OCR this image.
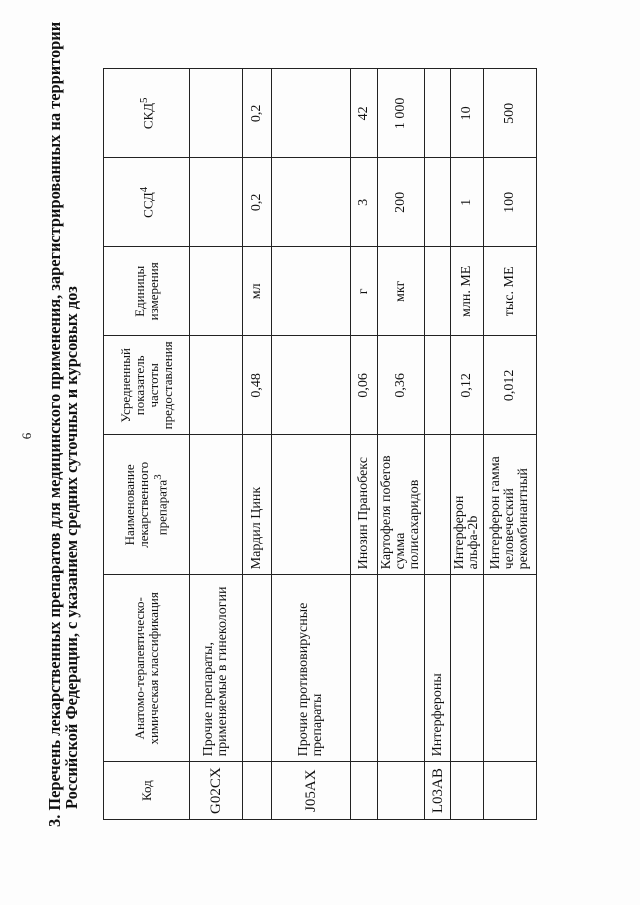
6 3. Перечень лекарственных препаратов для медицинского применения, зарегистрированных на территории
Российской Федерации, с указанием средних суточных и курсовых доз	Код	Анатомо-терапевтическо-химическая классификация	Наименование лекарственного препарата$^3$	Усредненный показатель частоты предоставления	Единицы измерения	ССД$^4$	СКД$^5$
G02CX	Прочие препараты, применяемые в гинекологии					
		Мардил Цинк	0,48	мл	0,2	0,2
J05AX	Прочие противовирусные препараты					
		Инозин Пранобекс	0,06	г	3	42
		Картофеля побегов сумма полисахаридов	0,36	мкг	200	1 000
L03AB	Интерфероны					
		Интерферон альфа-2b	0,12	млн. МЕ	1	10
		Интерферон гамма человеческий рекомбинантный	0,012	тыс. МЕ	100	500
